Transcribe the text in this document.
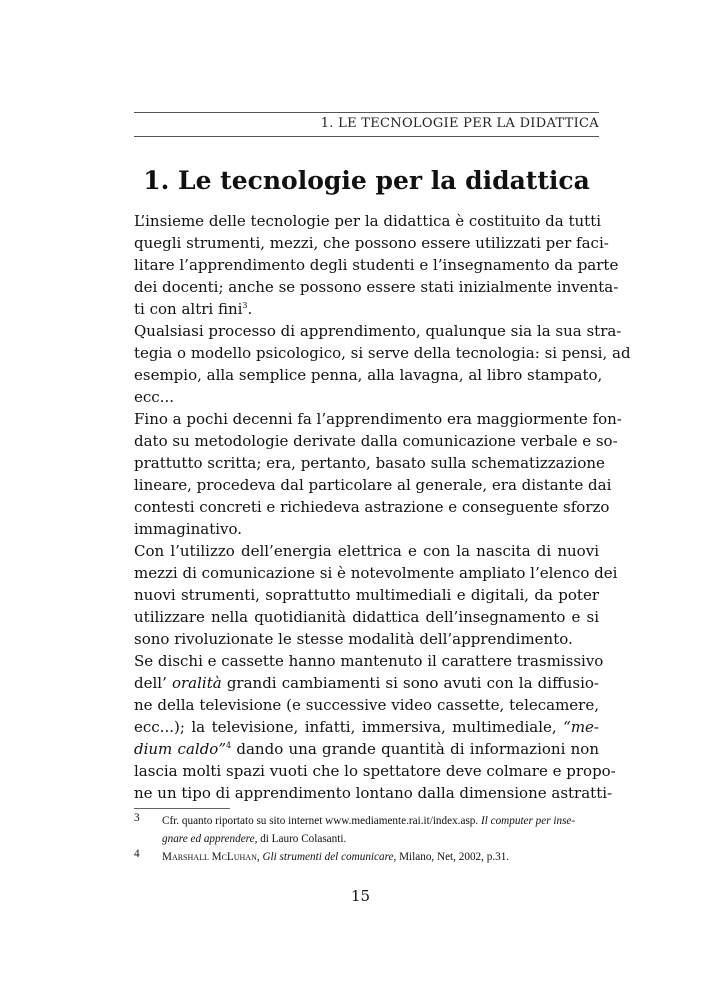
1. LE TECNOLOGIE PER LA DIDATTICA
1. Le tecnologie per la didattica
L’insieme delle tecnologie per la didattica è costituito da tutti
quegli strumenti, mezzi, che possono essere utilizzati per faci-
litare l’apprendimento degli studenti e l’insegnamento da parte
dei docenti; anche se possono essere stati inizialmente inventa-
ti con altri fini$^3$.
Qualsiasi processo di apprendimento, qualunque sia la sua stra-
tegia o modello psicologico, si serve della tecnologia: si pensi, ad
esempio, alla semplice penna, alla lavagna, al libro stampato,
ecc...
Fino a pochi decenni fa l’apprendimento era maggiormente fon-
dato su metodologie derivate dalla comunicazione verbale e so-
prattutto scritta; era, pertanto, basato sulla schematizzazione
lineare, procedeva dal particolare al generale, era distante dai
contesti concreti e richiedeva astrazione e conseguente sforzo
immaginativo.
Con l’utilizzo dell’energia elettrica e con la nascita di nuovi
mezzi di comunicazione si è notevolmente ampliato l’elenco dei
nuovi strumenti, soprattutto multimediali e digitali, da poter
utilizzare nella quotidianità didattica dell’insegnamento e si
sono rivoluzionate le stesse modalità dell’apprendimento.
Se dischi e cassette hanno mantenuto il carattere trasmissivo
dell’ oralità grandi cambiamenti si sono avuti con la diffusio-
ne della televisione (e successive video cassette, telecamere,
ecc...); la televisione, infatti, immersiva, multimediale, “me-
dium caldo”$^4$ dando una grande quantità di informazioni non
lascia molti spazi vuoti che lo spettatore deve colmare e propo-
ne un tipo di apprendimento lontano dalla dimensione astratti-
3 Cfr. quanto riportato su sito internet www.mediamente.rai.it/index.asp. Il computer per inse-
gnare ed apprendere, di Lauro Colasanti.
4 Marshall McLuhan, Gli strumenti del comunicare, Milano, Net, 2002, p.31.
15
